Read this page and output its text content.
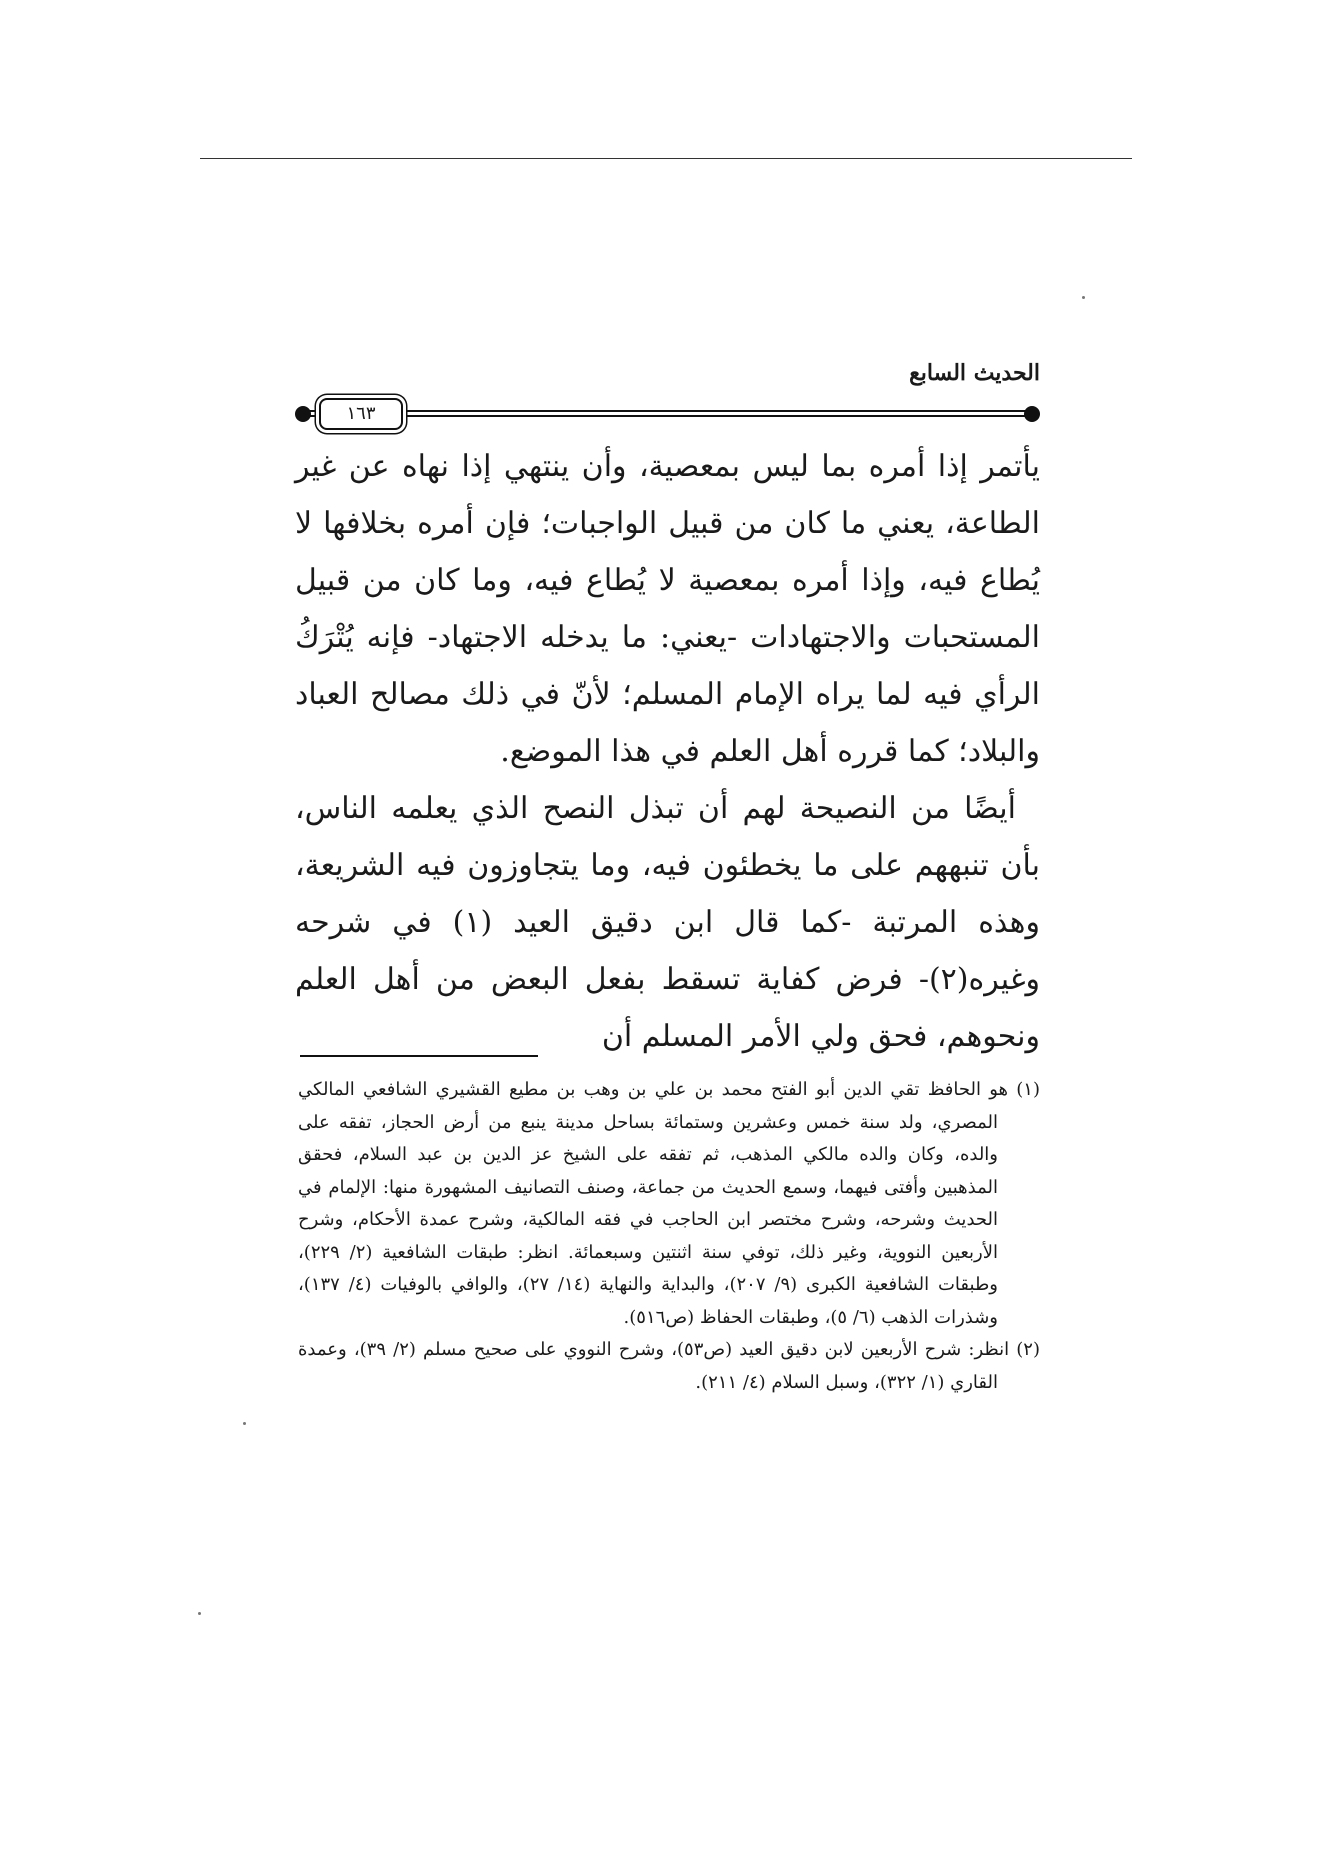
الحديث السابع
١٦٣

يأتمر إذا أمره بما ليس بمعصية، وأن ينتهي إذا نهاه عن غير الطاعة، يعني ما كان من قبيل الواجبات؛ فإن أمره بخلافها لا يُطاع فيه، وإذا أمره بمعصية لا يُطاع فيه، وما كان من قبيل المستحبات والاجتهادات -يعني: ما يدخله الاجتهاد- فإنه يُتْرَكُ الرأي فيه لما يراه الإمام المسلم؛ لأنّ في ذلك مصالح العباد والبلاد؛ كما قرره أهل العلم في هذا الموضع.

أيضًا من النصيحة لهم أن تبذل النصح الذي يعلمه الناس، بأن تنبههم على ما يخطئون فيه، وما يتجاوزون فيه الشريعة، وهذه المرتبة -كما قال ابن دقيق العيد (١) في شرحه وغيره(٢)- فرض كفاية تسقط بفعل البعض من أهل العلم ونحوهم، فحق ولي الأمر المسلم أن

(١) هو الحافظ تقي الدين أبو الفتح محمد بن علي بن وهب بن مطيع القشيري الشافعي المالكي المصري، ولد سنة خمس وعشرين وستمائة بساحل مدينة ينبع من أرض الحجاز، تفقه على والده، وكان والده مالكي المذهب، ثم تفقه على الشيخ عز الدين بن عبد السلام، فحقق المذهبين وأفتى فيهما، وسمع الحديث من جماعة، وصنف التصانيف المشهورة منها: الإلمام في الحديث وشرحه، وشرح مختصر ابن الحاجب في فقه المالكية، وشرح عمدة الأحكام، وشرح الأربعين النووية، وغير ذلك، توفي سنة اثنتين وسبعمائة. انظر: طبقات الشافعية (٢/ ٢٢٩)، وطبقات الشافعية الكبرى (٩/ ٢٠٧)، والبداية والنهاية (١٤/ ٢٧)، والوافي بالوفيات (٤/ ١٣٧)، وشذرات الذهب (٦/ ٥)، وطبقات الحفاظ (ص٥١٦).

(٢) انظر: شرح الأربعين لابن دقيق العيد (ص٥٣)، وشرح النووي على صحيح مسلم (٢/ ٣٩)، وعمدة القاري (١/ ٣٢٢)، وسبل السلام (٤/ ٢١١).
